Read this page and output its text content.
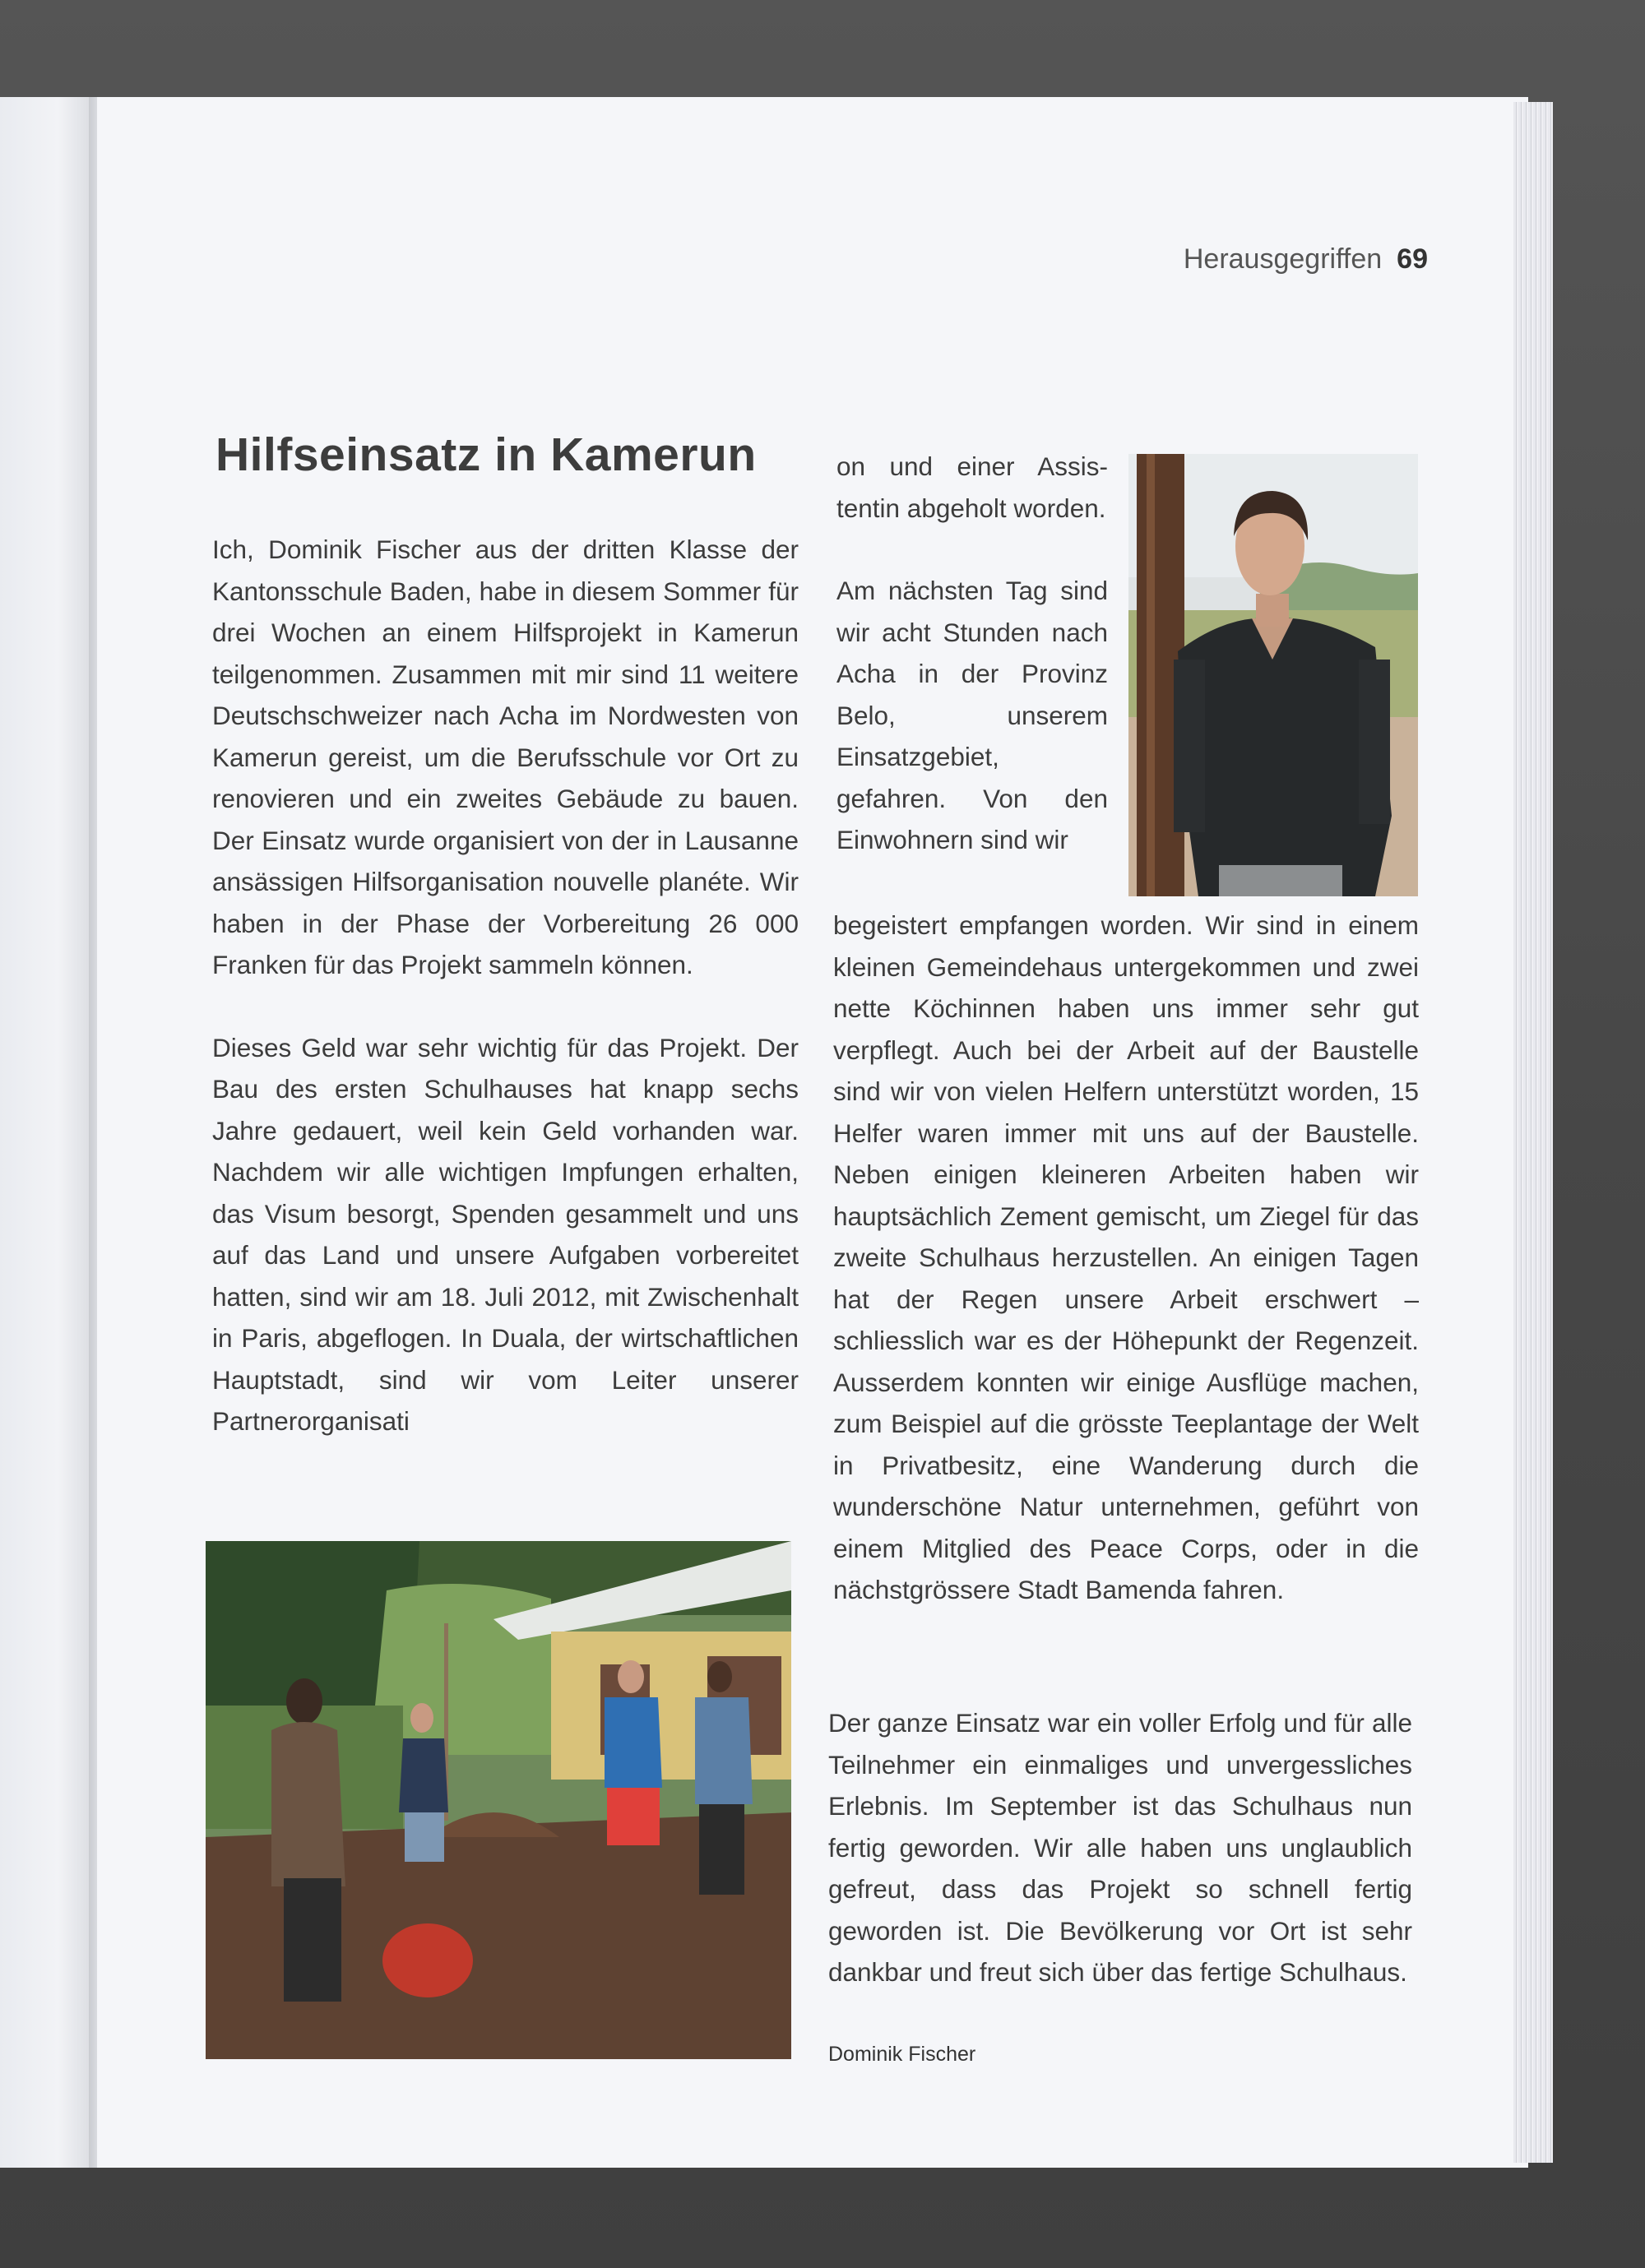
Herausgegriffen 69
Hilfseinsatz in Kamerun

Ich, Dominik Fischer aus der dritten Klasse der Kantonsschule Baden, habe in diesem Sommer für drei Wochen an einem Hilfsprojekt in Kamerun teilgenommen. Zusammen mit mir sind 11 weitere Deutschschweizer nach Acha im Nordwesten von Kamerun gereist, um die Berufsschule vor Ort zu renovieren und ein zweites Gebäude zu bauen. Der Einsatz wurde organisiert von der in Lausanne ansässigen Hilfsorganisation nouvelle planéte. Wir haben in der Phase der Vorbereitung 26 000 Franken für das Projekt sammeln können.

Dieses Geld war sehr wichtig für das Projekt. Der Bau des ersten Schulhauses hat knapp sechs Jahre gedauert, weil kein Geld vorhanden war. Nachdem wir alle wichtigen Impfungen erhalten, das Visum besorgt, Spenden gesammelt und uns auf das Land und unsere Aufgaben vorbereitet hatten, sind wir am 18. Juli 2012, mit Zwischenhalt in Paris, abgeflogen. In Duala, der wirtschaftlichen Hauptstadt, sind wir vom Leiter unserer Partnerorganisati

on und einer Assistentin abgeholt worden.

Am nächsten Tag sind wir acht Stunden nach Acha in der Provinz Belo, unserem Einsatzgebiet, gefahren. Von den Einwohnern sind wir

begeistert empfangen worden. Wir sind in einem kleinen Gemeindehaus untergekommen und zwei nette Köchinnen haben uns immer sehr gut verpflegt. Auch bei der Arbeit auf der Baustelle sind wir von vielen Helfern unterstützt worden, 15 Helfer waren immer mit uns auf der Baustelle. Neben einigen kleineren Arbeiten haben wir hauptsächlich Zement gemischt, um Ziegel für das zweite Schulhaus herzustellen. An einigen Tagen hat der Regen unsere Arbeit erschwert – schliesslich war es der Höhepunkt der Regenzeit. Ausserdem konnten wir einige Ausflüge machen, zum Beispiel auf die grösste Teeplantage der Welt in Privatbesitz, eine Wanderung durch die wunderschöne Natur unternehmen, geführt von einem Mitglied des Peace Corps, oder in die nächstgrössere Stadt Bamenda fahren.

Der ganze Einsatz war ein voller Erfolg und für alle Teilnehmer ein einmaliges und unvergessliches Erlebnis. Im September ist das Schulhaus nun fertig geworden. Wir alle haben uns unglaublich gefreut, dass das Projekt so schnell fertig geworden ist. Die Bevölkerung vor Ort ist sehr dankbar und freut sich über das fertige Schulhaus.

Dominik Fischer
